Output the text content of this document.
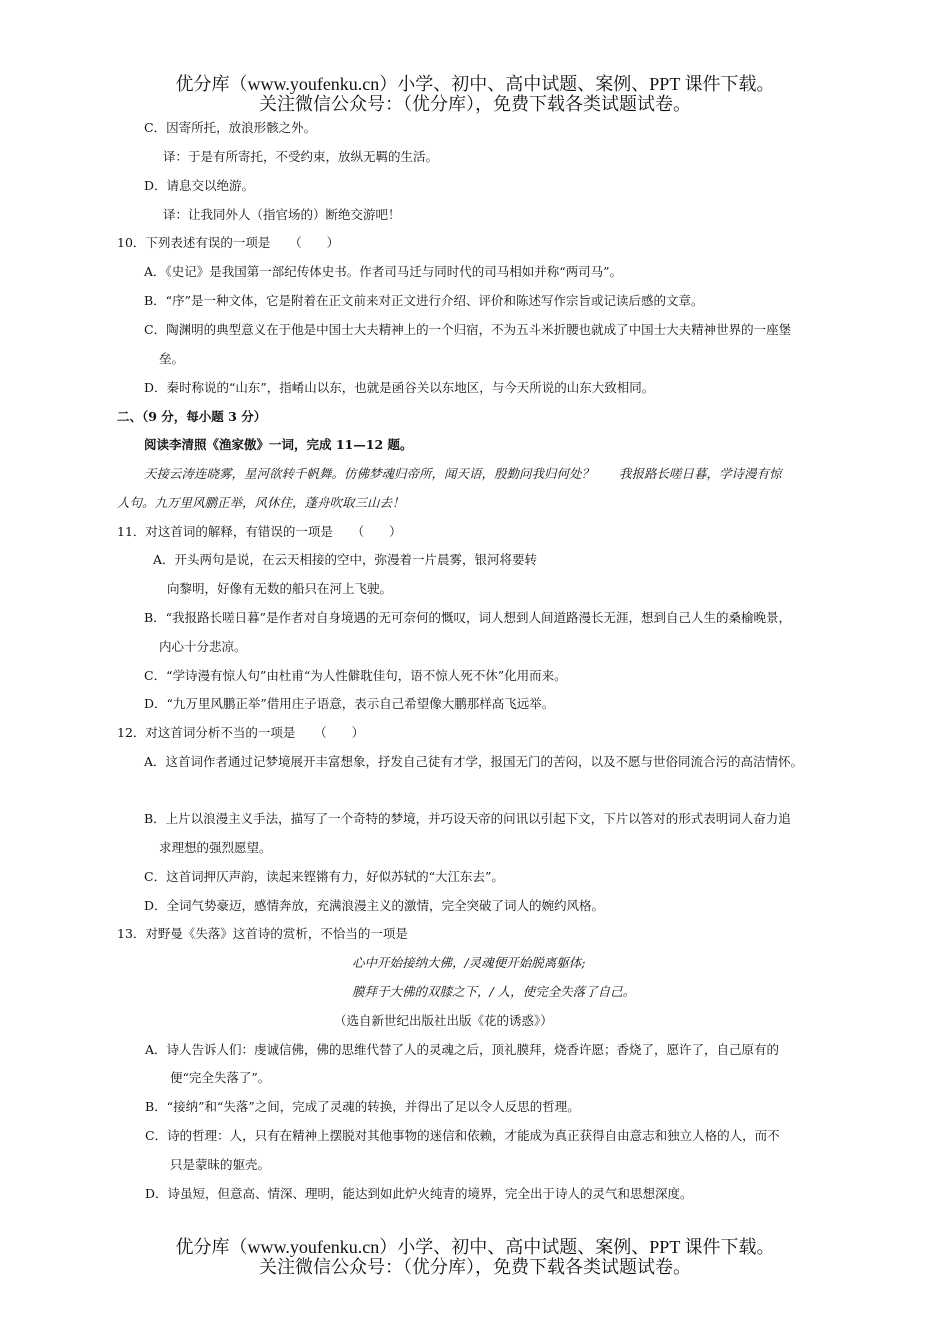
优分库（www.youfenku.cn）小学、初中、高中试题、案例、PPT 课件下载。
关注微信公众号：（优分库），免费下载各类试题试卷。
C．因寄所托，放浪形骸之外。
译：于是有所寄托，不受约束，放纵无羁的生活。
D．请息交以绝游。
译：让我同外人（指官场的）断绝交游吧！
10．下列表述有误的一项是　　（　　）
A．《史记》是我国第一部纪传体史书。作者司马迁与同时代的司马相如并称“两司马”。
B．“序”是一种文体，它是附着在正文前来对正文进行介绍、评价和陈述写作宗旨或记读后感的文章。
C．陶渊明的典型意义在于他是中国士大夫精神上的一个归宿，不为五斗米折腰也就成了中国士大夫精神世界的一座堡
垒。
D．秦时称说的“山东”，指崤山以东，也就是函谷关以东地区，与今天所说的山东大致相同。
二、（9 分，每小题 3 分）
阅读李清照《渔家傲》一词，完成 11—12 题。
天接云涛连晓雾，星河欲转千帆舞。仿佛梦魂归帝所，闻天语，殷勤问我归何处？　　我报路长嗟日暮，学诗漫有惊
人句。九万里风鹏正举，风休住，蓬舟吹取三山去！
11．对这首词的解释，有错误的一项是　　（　　）
A．开头两句是说，在云天相接的空中，弥漫着一片晨雾，银河将要转
向黎明，好像有无数的船只在河上飞驶。
B．“我报路长嗟日暮”是作者对自身境遇的无可奈何的慨叹，词人想到人间道路漫长无涯，想到自己人生的桑榆晚景，
内心十分悲凉。
C．“学诗漫有惊人句”由杜甫“为人性僻耽佳句，语不惊人死不休”化用而来。
D．“九万里风鹏正举”借用庄子语意，表示自己希望像大鹏那样高飞远举。
12．对这首词分析不当的一项是　　（　　）
A．这首词作者通过记梦境展开丰富想象，抒发自己徒有才学，报国无门的苦闷，以及不愿与世俗同流合污的高洁情怀。
B．上片以浪漫主义手法，描写了一个奇特的梦境，并巧设天帝的问讯以引起下文，下片以答对的形式表明词人奋力追
求理想的强烈愿望。
C．这首词押仄声韵，读起来铿锵有力，好似苏轼的“大江东去”。
D．全词气势豪迈，感情奔放，充满浪漫主义的激情，完全突破了词人的婉约风格。
13．对野曼《失落》这首诗的赏析，不恰当的一项是
心中开始接纳大佛，/灵魂便开始脱离躯体;
膜拜于大佛的双膝之下，/ 人，使完全失落了自己。
（选自新世纪出版社出版《花的诱惑》）
A．诗人告诉人们：虔诚信佛，佛的思维代替了人的灵魂之后，顶礼膜拜，烧香许愿；香烧了，愿许了，自己原有的
便“完全失落了”。
B．“接纳”和“失落”之间，完成了灵魂的转换，并得出了足以令人反思的哲理。
C．诗的哲理：人，只有在精神上摆脱对其他事物的迷信和依赖，才能成为真正获得自由意志和独立人格的人，而不
只是蒙昧的躯壳。
D．诗虽短，但意高、情深、理明，能达到如此炉火纯青的境界，完全出于诗人的灵气和思想深度。
优分库（www.youfenku.cn）小学、初中、高中试题、案例、PPT 课件下载。
关注微信公众号：（优分库），免费下载各类试题试卷。
